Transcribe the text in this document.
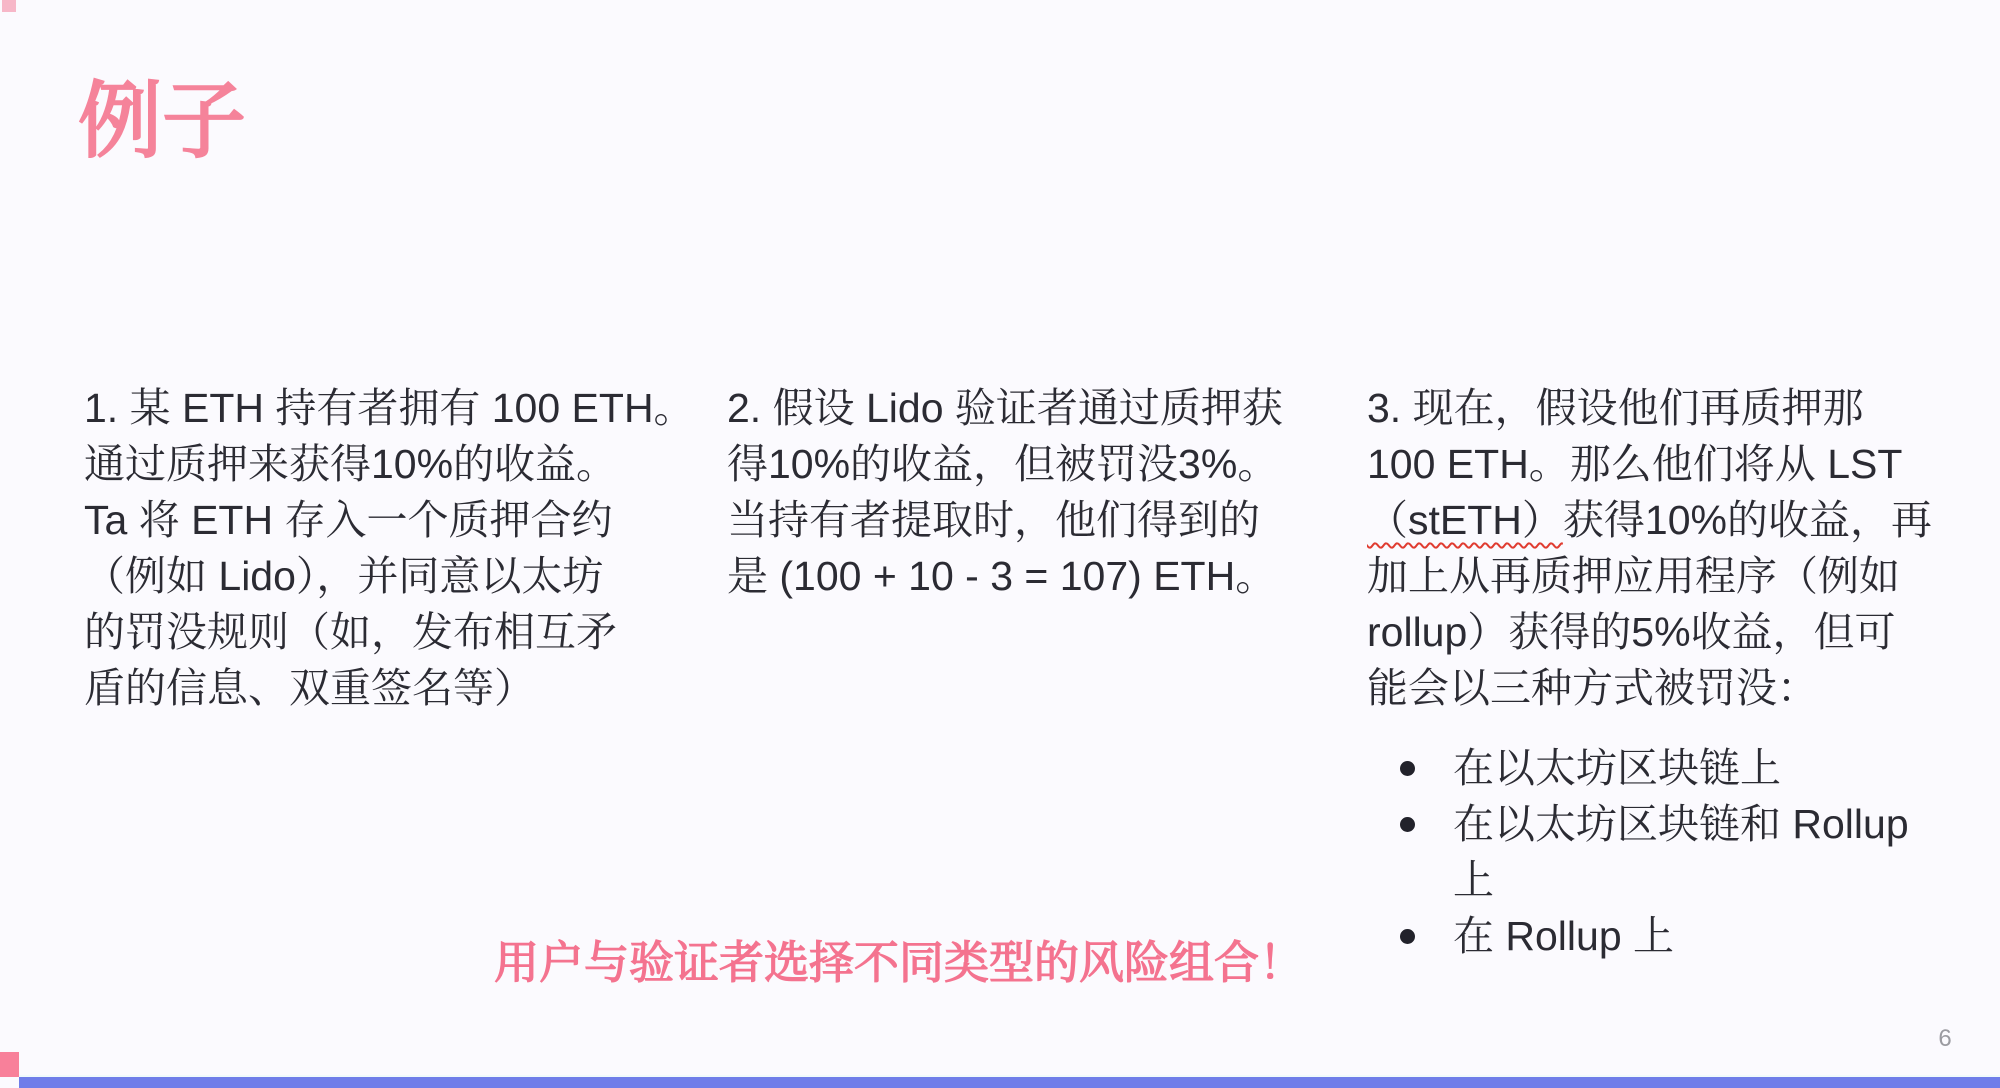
例子
1. 某 ETH 持有者拥有 100 ETH。
通过质押来获得10%的收益。
Ta 将 ETH 存入一个质押合约
（例如 Lido），并同意以太坊
的罚没规则（如，发布相互矛
盾的信息、双重签名等）
2. 假设 Lido 验证者通过质押获
得10%的收益，但被罚没3%。
当持有者提取时，他们得到的
是 (100 + 10 - 3 = 107) ETH。
3. 现在，假设他们再质押那
100 ETH。那么他们将从 LST
（stETH）获得10%的收益，再
加上从再质押应用程序（例如
rollup）获得的5%收益，但可
能会以三种方式被罚没：
在以太坊区块链上
在以太坊区块链和 Rollup
上
在 Rollup 上
用户与验证者选择不同类型的风险组合！
6
